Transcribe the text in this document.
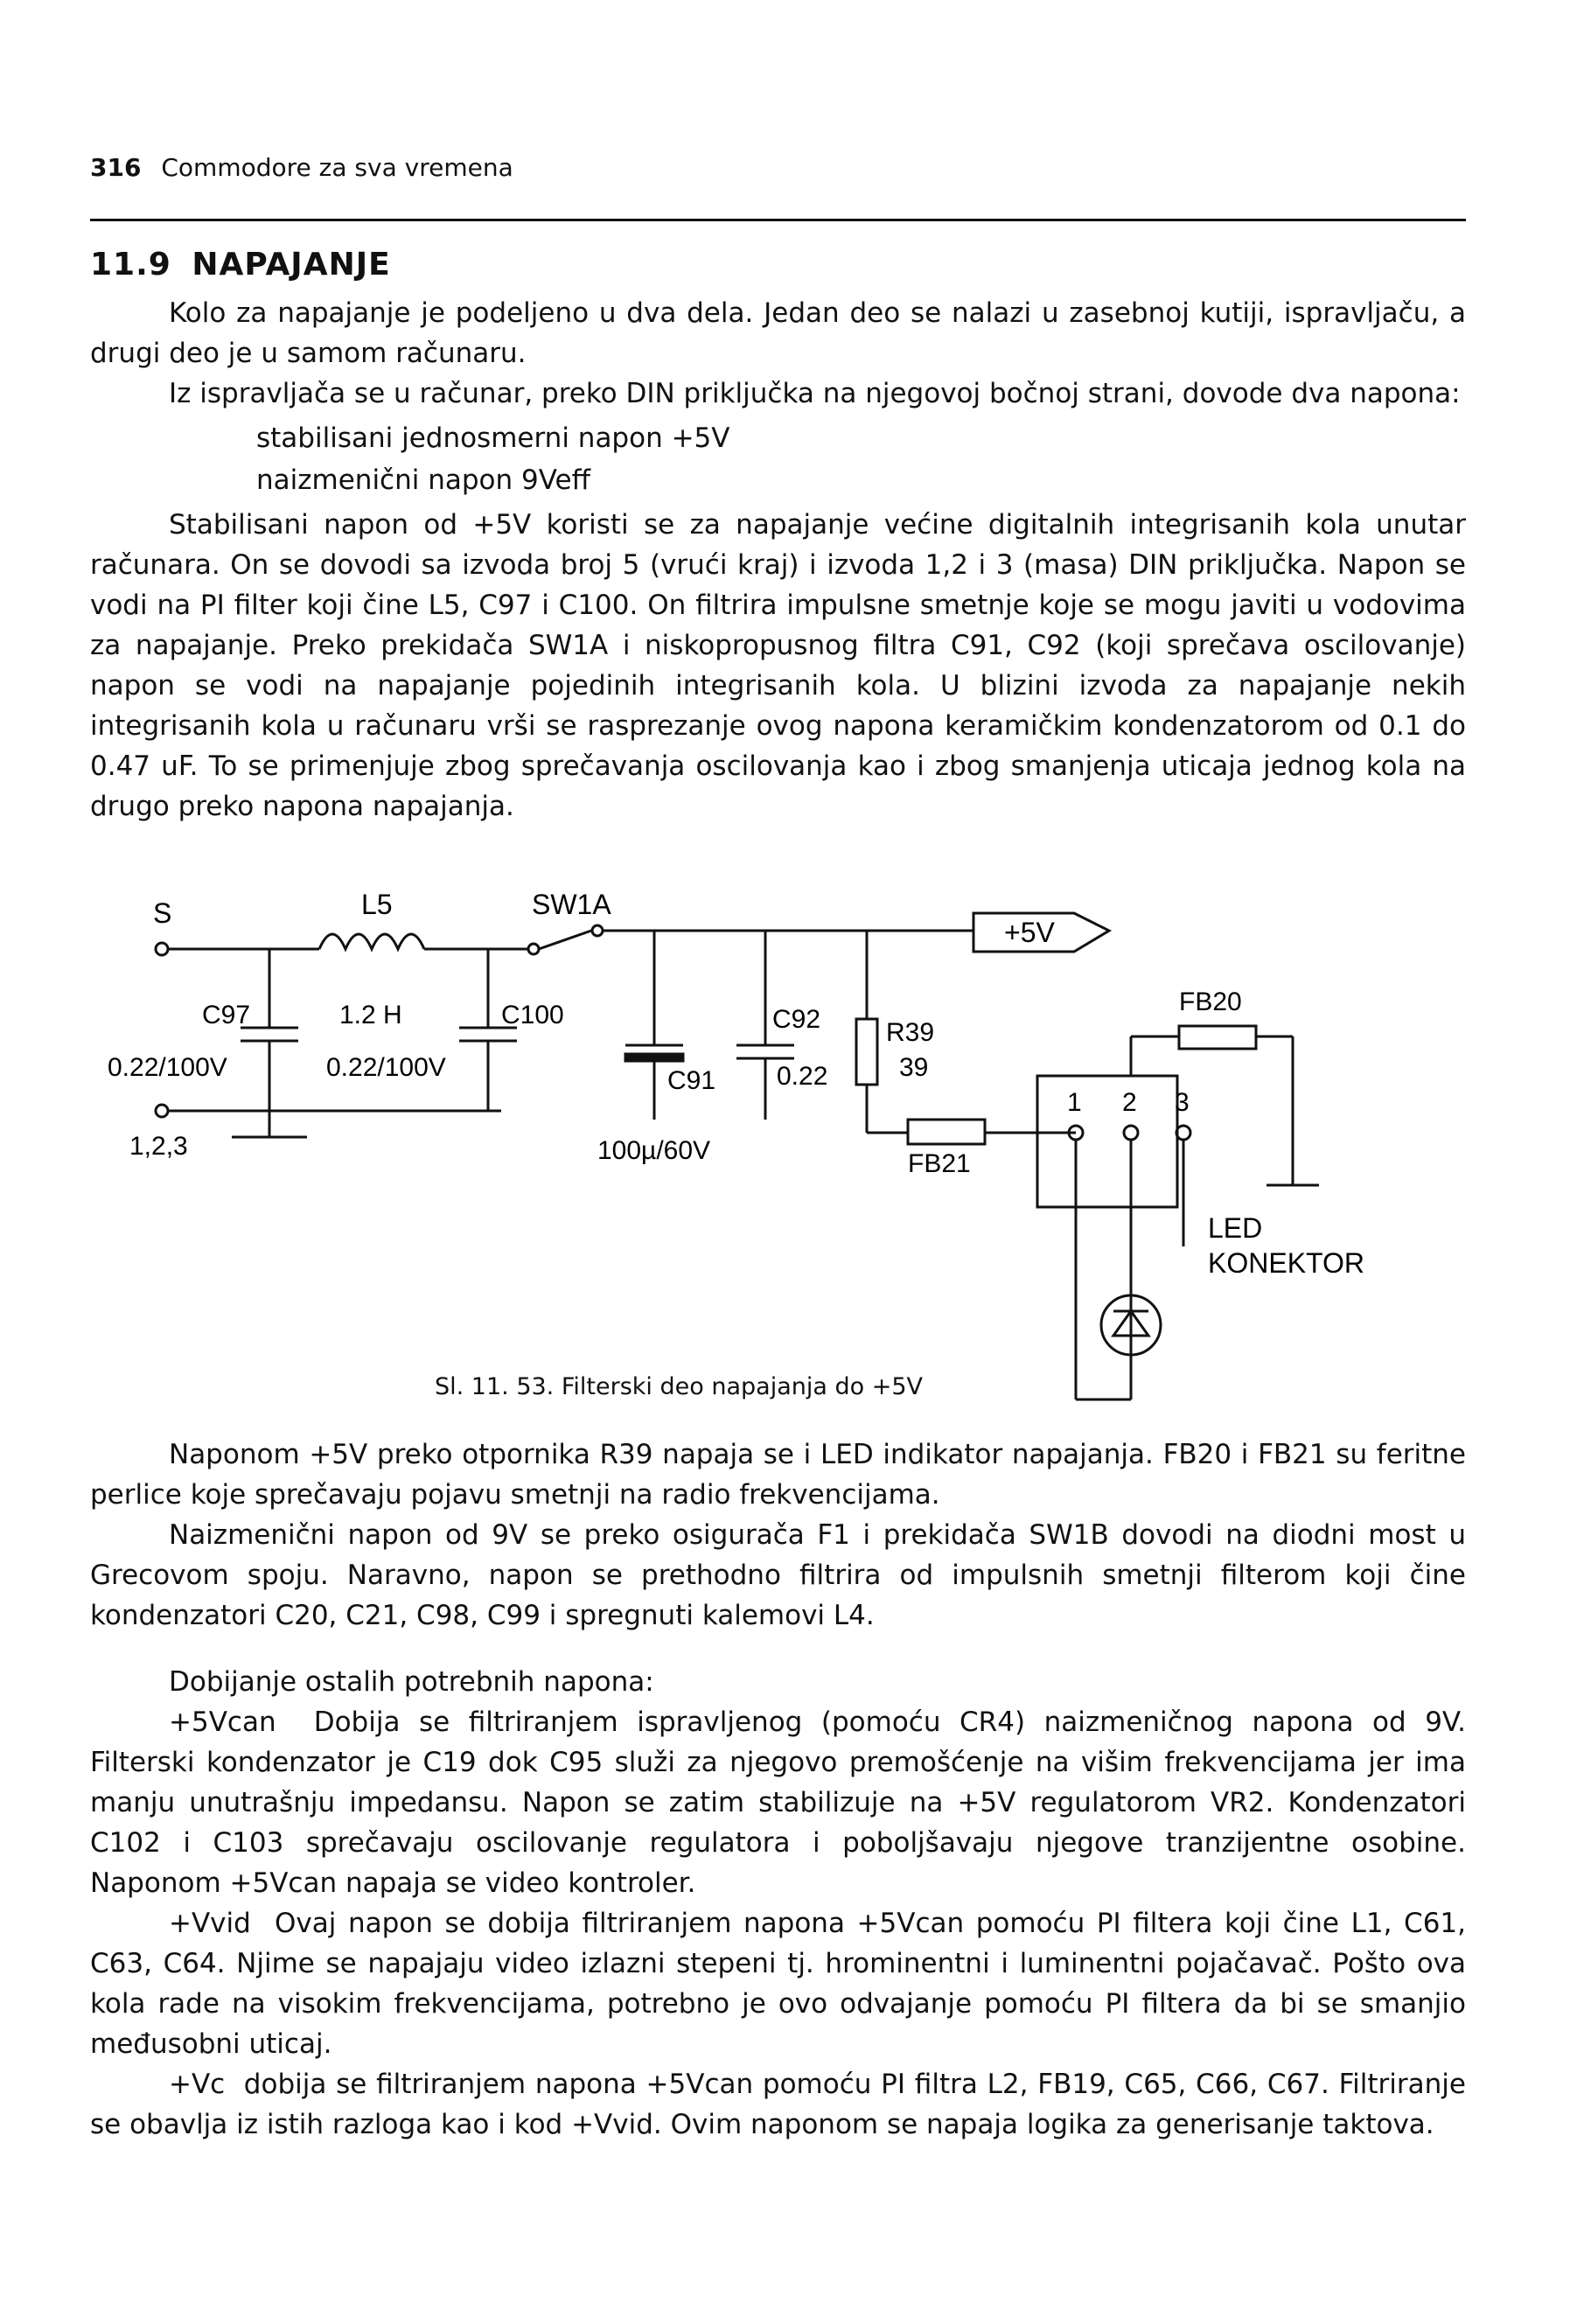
316 Commodore za sva vremena
11.9 NAPAJANJE

Kolo za napajanje je podeljeno u dva dela. Jedan deo se nalazi u zasebnoj kutiji, ispravljaču, a drugi deo je u samom računaru.

Iz ispravljača se u računar, preko DIN priključka na njegovoj bočnoj strani, dovode dva napona:

stabilisani jednosmerni napon +5V
naizmenični napon 9Veff

Stabilisani napon od +5V koristi se za napajanje većine digitalnih integrisanih kola unutar računara. On se dovodi sa izvoda broj 5 (vrući kraj) i izvoda 1,2 i 3 (masa) DIN priključka. Napon se vodi na PI filter koji čine L5, C97 i C100. On filtrira impulsne smetnje koje se mogu javiti u vodovima za napajanje. Preko prekidača SW1A i niskopropusnog filtra C91, C92 (koji sprečava oscilovanje) napon se vodi na napajanje pojedinih integrisanih kola. U blizini izvoda za napajanje nekih integrisanih kola u računaru vrši se rasprezanje ovog napona keramičkim kondenzatorom od 0.1 do 0.47 uF. To se primenjuje zbog sprečavanja oscilovanja kao i zbog smanjenja uticaja jednog kola na drugo preko napona napajanja.

S	L5	SW1A
+5V
C97
0.22/100V
1.2 H	C100
0.22/100V	C91
100µ/60V
C92
0.22
R39
39
FB20
FB21
1,2,3
1 2 3
LED
KONEKTOR
Sl. 11. 53. Filterski deo napajanja do +5V

Naponom +5V preko otpornika R39 napaja se i LED indikator napajanja. FB20 i FB21 su feritne perlice koje sprečavaju pojavu smetnji na radio frekvencijama.

Naizmenični napon od 9V se preko osigurača F1 i prekidača SW1B dovodi na diodni most u Grecovom spoju. Naravno, napon se prethodno filtrira od impulsnih smetnji filterom koji čine kondenzatori C20, C21, C98, C99 i spregnuti kalemovi L4.

Dobijanje ostalih potrebnih napona:

+5Vcan Dobija se filtriranjem ispravljenog (pomoću CR4) naizmeničnog napona od 9V. Filterski kondenzator je C19 dok C95 služi za njegovo premošćenje na višim frekvencijama jer ima manju unutrašnju impedansu. Napon se zatim stabilizuje na +5V regulatorom VR2. Kondenzatori C102 i C103 sprečavaju oscilovanje regulatora i poboljšavaju njegove tranzijentne osobine. Naponom +5Vcan napaja se video kontroler.

+Vvid Ovaj napon se dobija filtriranjem napona +5Vcan pomoću PI filtera koji čine L1, C61, C63, C64. Njime se napajaju video izlazni stepeni tj. hrominentni i luminentni pojačavač. Pošto ova kola rade na visokim frekvencijama, potrebno je ovo odvajanje pomoću PI filtera da bi se smanjio međusobni uticaj.

+Vc dobija se filtriranjem napona +5Vcan pomoću PI filtra L2, FB19, C65, C66, C67. Filtriranje se obavlja iz istih razloga kao i kod +Vvid. Ovim naponom se napaja logika za generisanje taktova.
